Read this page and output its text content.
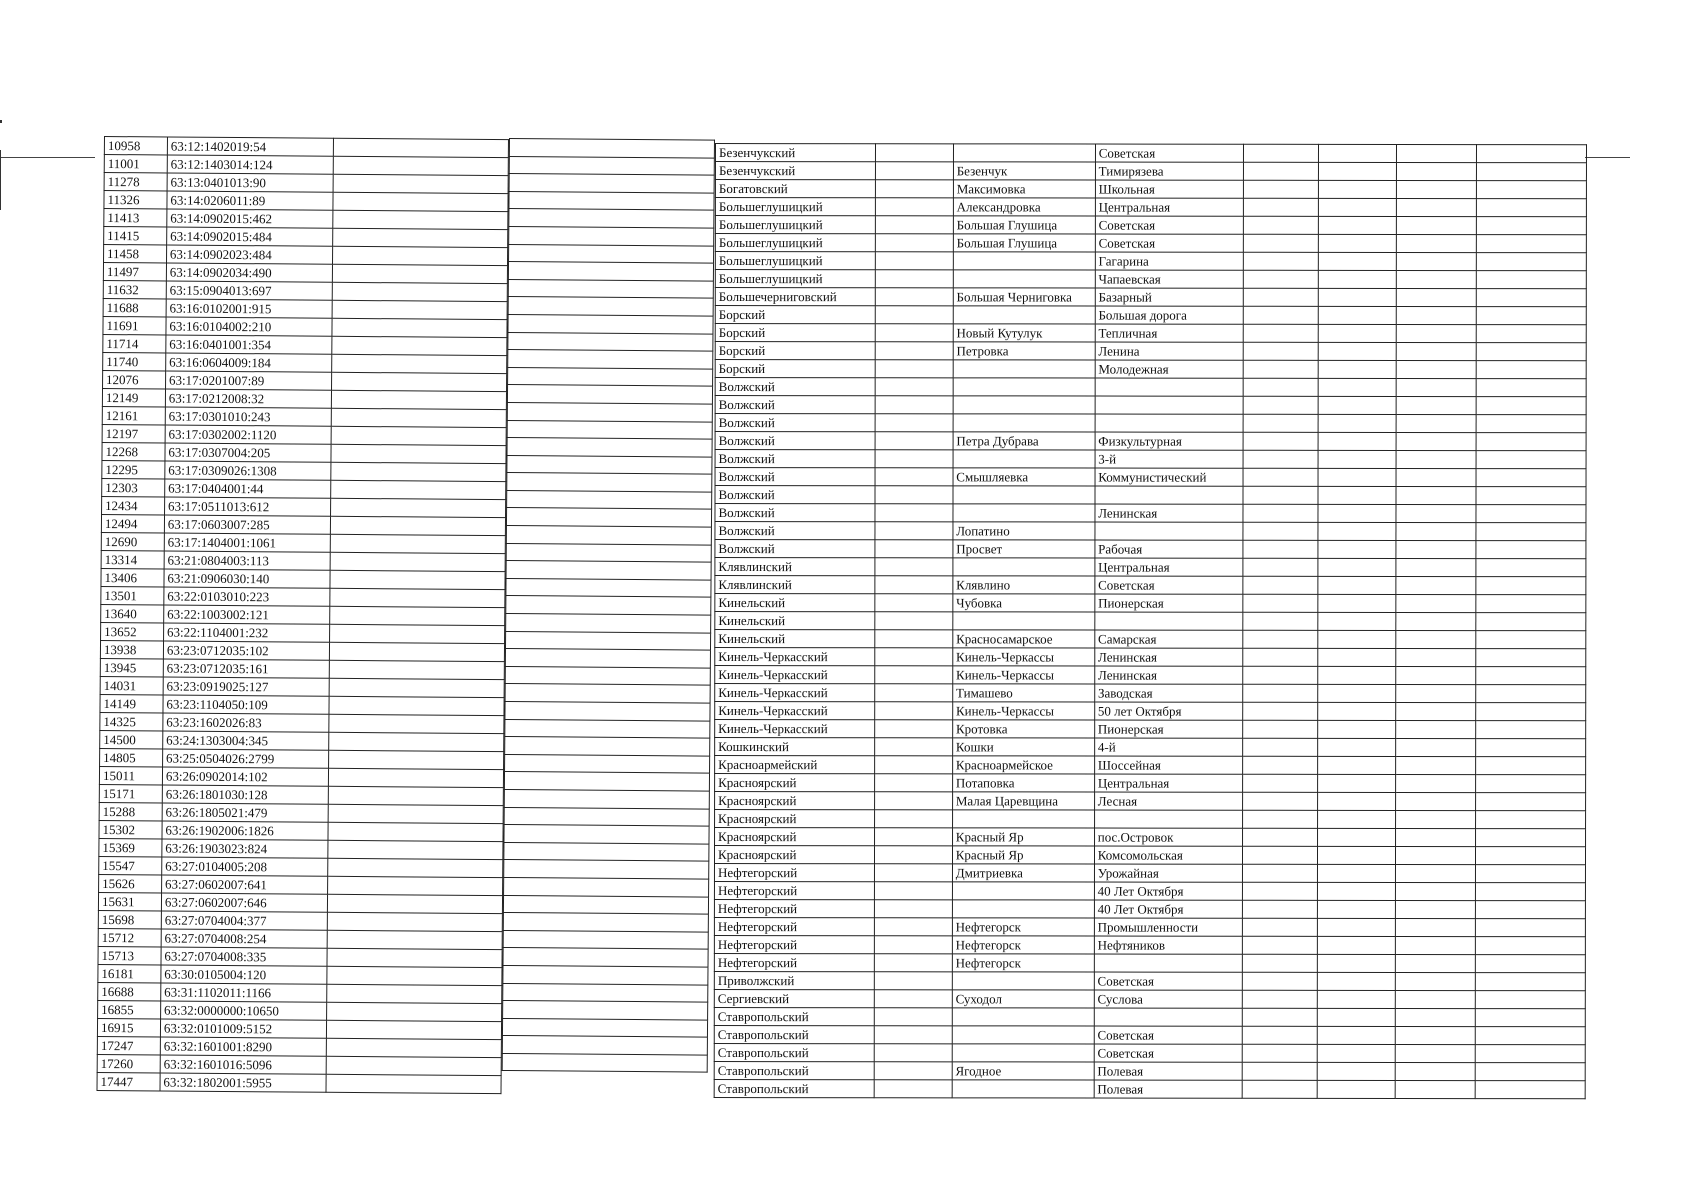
10958	63:12:1402019:54	
11001	63:12:1403014:124	
11278	63:13:0401013:90	
11326	63:14:0206011:89	
11413	63:14:0902015:462	
11415	63:14:0902015:484	
11458	63:14:0902023:484	
11497	63:14:0902034:490	
11632	63:15:0904013:697	
11688	63:16:0102001:915	
11691	63:16:0104002:210	
11714	63:16:0401001:354	
11740	63:16:0604009:184	
12076	63:17:0201007:89	
12149	63:17:0212008:32	
12161	63:17:0301010:243	
12197	63:17:0302002:1120	
12268	63:17:0307004:205	
12295	63:17:0309026:1308	
12303	63:17:0404001:44	
12434	63:17:0511013:612	
12494	63:17:0603007:285	
12690	63:17:1404001:1061	
13314	63:21:0804003:113	
13406	63:21:0906030:140	
13501	63:22:0103010:223	
13640	63:22:1003002:121	
13652	63:22:1104001:232	
13938	63:23:0712035:102	
13945	63:23:0712035:161	
14031	63:23:0919025:127	
14149	63:23:1104050:109	
14325	63:23:1602026:83	
14500	63:24:1303004:345	
14805	63:25:0504026:2799	
15011	63:26:0902014:102	
15171	63:26:1801030:128	
15288	63:26:1805021:479	
15302	63:26:1902006:1826	
15369	63:26:1903023:824	
15547	63:27:0104005:208	
15626	63:27:0602007:641	
15631	63:27:0602007:646	
15698	63:27:0704004:377	
15712	63:27:0704008:254	
15713	63:27:0704008:335	
16181	63:30:0105004:120	
16688	63:31:1102011:1166	
16855	63:32:0000000:10650	
16915	63:32:0101009:5152	
17247	63:32:1601001:8290	
17260	63:32:1601016:5096	
17447	63:32:1802001:5955	

Безенчукский			Советская				
Безенчукский		Безенчук	Тимирязева				
Богатовский		Максимовка	Школьная				
Большеглушицкий		Александровка	Центральная				
Большеглушицкий		Большая Глушица	Советская				
Большеглушицкий		Большая Глушица	Советская				
Большеглушицкий			Гагарина				
Большеглушицкий			Чапаевская				
Большечерниговский		Большая Черниговка	Базарный				
Борский			Большая дорога				
Борский		Новый Кутулук	Тепличная				
Борский		Петровка	Ленина				
Борский			Молодежная				
Волжский							
Волжский							
Волжский							
Волжский		Петра Дубрава	Физкультурная				
Волжский			3-й				
Волжский		Смышляевка	Коммунистический				
Волжский							
Волжский			Ленинская				
Волжский		Лопатино					
Волжский		Просвет	Рабочая				
Клявлинский			Центральная				
Клявлинский		Клявлино	Советская				
Кинельский		Чубовка	Пионерская				
Кинельский							
Кинельский		Красносамарское	Самарская				
Кинель-Черкасский		Кинель-Черкассы	Ленинская				
Кинель-Черкасский		Кинель-Черкассы	Ленинская				
Кинель-Черкасский		Тимашево	Заводская				
Кинель-Черкасский		Кинель-Черкассы	50 лет Октября				
Кинель-Черкасский		Кротовка	Пионерская				
Кошкинский		Кошки	4-й				
Красноармейский		Красноармейское	Шоссейная				
Красноярский		Потаповка	Центральная				
Красноярский		Малая Царевщина	Лесная				
Красноярский							
Красноярский		Красный Яр	пос.Островок				
Красноярский		Красный Яр	Комсомольская				
Нефтегорский		Дмитриевка	Урожайная				
Нефтегорский			40 Лет Октября				
Нефтегорский			40 Лет Октября				
Нефтегорский		Нефтегорск	Промышленности				
Нефтегорский		Нефтегорск	Нефтяников				
Нефтегорский		Нефтегорск					
Приволжский			Советская				
Сергиевский		Суходол	Суслова				
Ставропольский							
Ставропольский			Советская				
Ставропольский			Советская				
Ставропольский		Ягодное	Полевая				
Ставропольский			Полевая				
